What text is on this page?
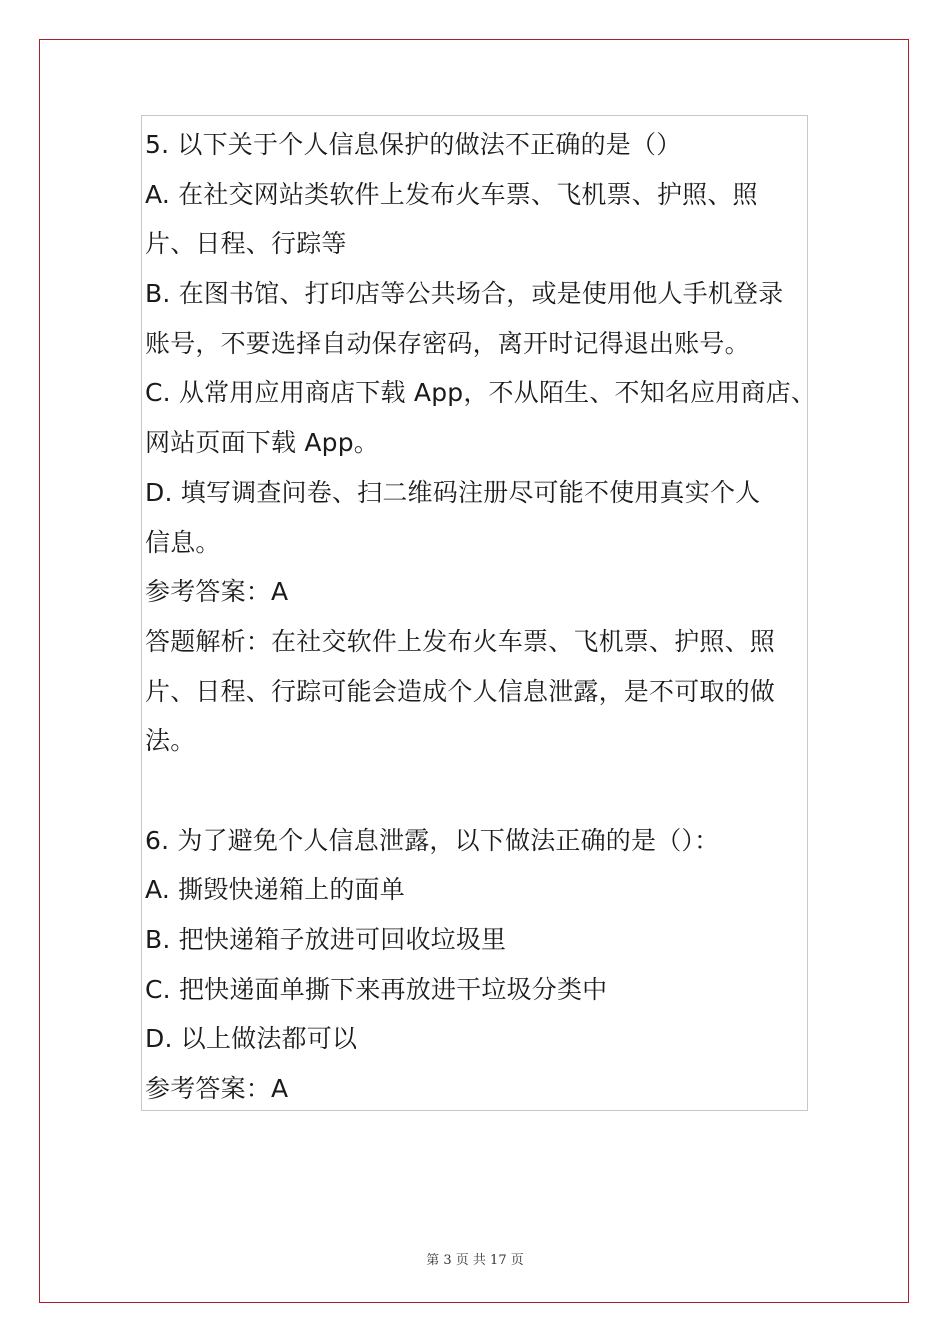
5. 以下关于个人信息保护的做法不正确的是（）
A. 在社交网站类软件上发布火车票、飞机票、护照、照
片、日程、行踪等
B. 在图书馆、打印店等公共场合，或是使用他人手机登录
账号，不要选择自动保存密码，离开时记得退出账号。
C. 从常用应用商店下载 App，不从陌生、不知名应用商店、
网站页面下载 App。
D. 填写调查问卷、扫二维码注册尽可能不使用真实个人
信息。
参考答案：A
答题解析：在社交软件上发布火车票、飞机票、护照、照
片、日程、行踪可能会造成个人信息泄露，是不可取的做
法。
6. 为了避免个人信息泄露，以下做法正确的是（）：
A. 撕毁快递箱上的面单
B. 把快递箱子放进可回收垃圾里
C. 把快递面单撕下来再放进干垃圾分类中
D. 以上做法都可以
参考答案：A
第 3 页 共 17 页
